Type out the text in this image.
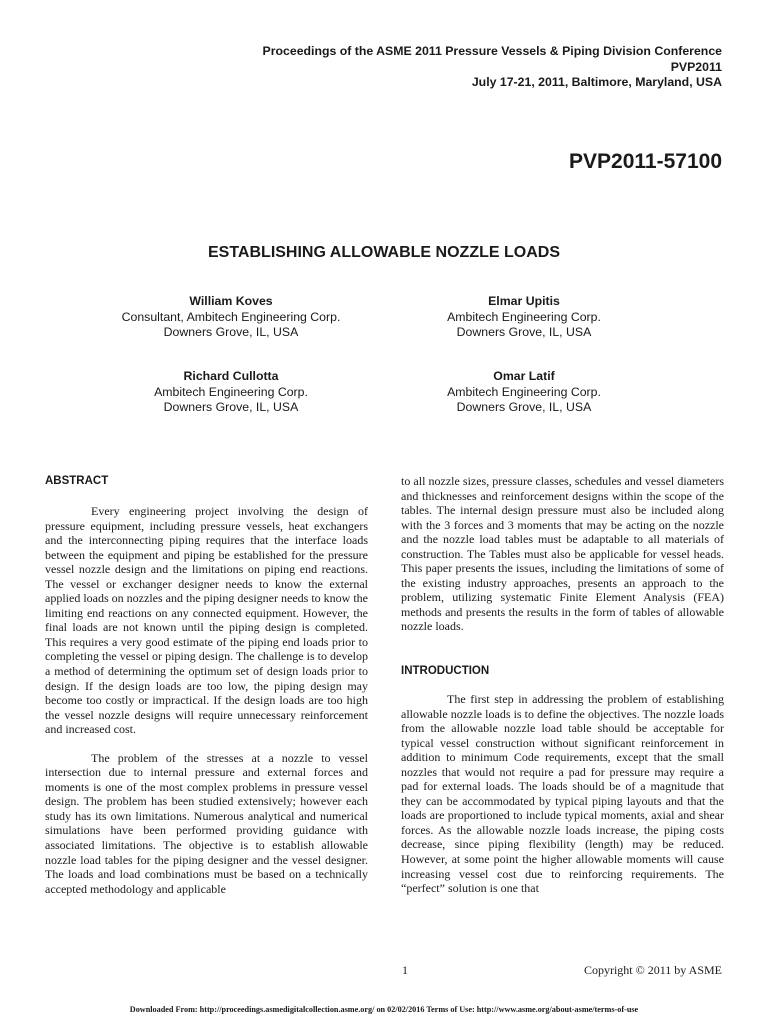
Proceedings of the ASME 2011 Pressure Vessels & Piping Division Conference
PVP2011
July 17-21, 2011, Baltimore, Maryland, USA
PVP2011-57100
ESTABLISHING ALLOWABLE NOZZLE LOADS
William Koves
Consultant, Ambitech Engineering Corp.
Downers Grove, IL, USA
Elmar Upitis
Ambitech Engineering Corp.
Downers Grove, IL, USA
Richard Cullotta
Ambitech Engineering Corp.
Downers Grove, IL, USA
Omar Latif
Ambitech Engineering Corp.
Downers Grove, IL, USA
ABSTRACT

Every engineering project involving the design of pressure equipment, including pressure vessels, heat exchangers and the interconnecting piping requires that the interface loads between the equipment and piping be established for the pressure vessel nozzle design and the limitations on piping end reactions. The vessel or exchanger designer needs to know the external applied loads on nozzles and the piping designer needs to know the limiting end reactions on any connected equipment. However, the final loads are not known until the piping design is completed. This requires a very good estimate of the piping end loads prior to completing the vessel or piping design. The challenge is to develop a method of determining the optimum set of design loads prior to design. If the design loads are too low, the piping design may become too costly or impractical. If the design loads are too high the vessel nozzle designs will require unnecessary reinforcement and increased cost.

The problem of the stresses at a nozzle to vessel intersection due to internal pressure and external forces and moments is one of the most complex problems in pressure vessel design. The problem has been studied extensively; however each study has its own limitations. Numerous analytical and numerical simulations have been performed providing guidance with associated limitations. The objective is to establish allowable nozzle load tables for the piping designer and the vessel designer. The loads and load combinations must be based on a technically accepted methodology and applicable

to all nozzle sizes, pressure classes, schedules and vessel diameters and thicknesses and reinforcement designs within the scope of the tables. The internal design pressure must also be included along with the 3 forces and 3 moments that may be acting on the nozzle and the nozzle load tables must be adaptable to all materials of construction. The Tables must also be applicable for vessel heads. This paper presents the issues, including the limitations of some of the existing industry approaches, presents an approach to the problem, utilizing systematic Finite Element Analysis (FEA) methods and presents the results in the form of tables of allowable nozzle loads.

INTRODUCTION

The first step in addressing the problem of establishing allowable nozzle loads is to define the objectives. The nozzle loads from the allowable nozzle load table should be acceptable for typical vessel construction without significant reinforcement in addition to minimum Code requirements, except that the small nozzles that would not require a pad for pressure may require a pad for external loads. The loads should be of a magnitude that they can be accommodated by typical piping layouts and that the loads are proportioned to include typical moments, axial and shear forces. As the allowable nozzle loads increase, the piping costs decrease, since piping flexibility (length) may be reduced. However, at some point the higher allowable moments will cause increasing vessel cost due to reinforcing requirements. The “perfect” solution is one that

1	Copyright © 2011 by ASME
Downloaded From: http://proceedings.asmedigitalcollection.asme.org/ on 02/02/2016 Terms of Use: http://www.asme.org/about-asme/terms-of-use
